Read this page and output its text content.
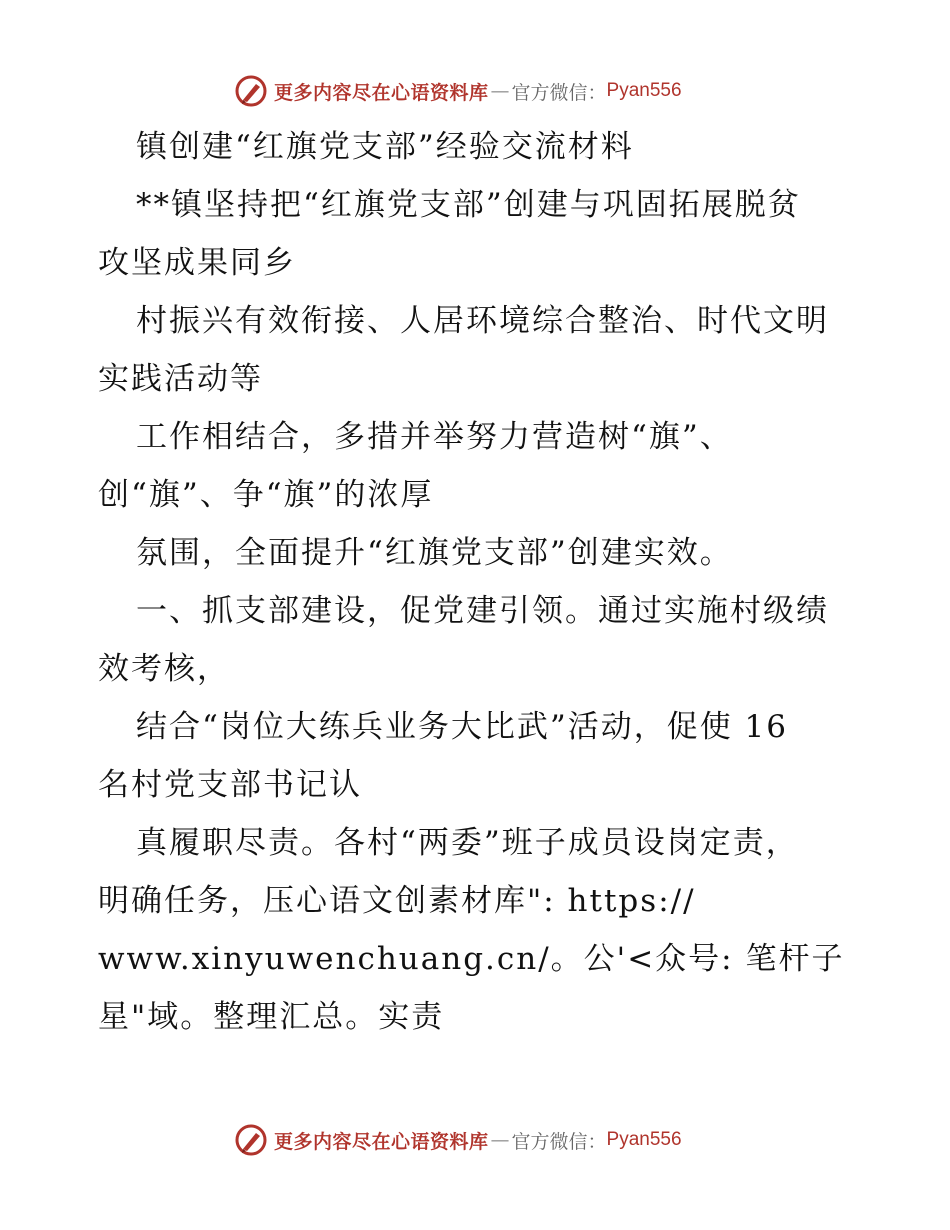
更多内容尽在心语资料库 — 官方微信： Pyan556

镇创建“红旗党支部”经验交流材料

**镇坚持把“红旗党支部”创建与巩固拓展脱贫

攻坚成果同乡

村振兴有效衔接、人居环境综合整治、时代文明

实践活动等

工作相结合，多措并举努力营造树“旗”、

创“旗”、争“旗”的浓厚

氛围，全面提升“红旗党支部”创建实效。

一、抓支部建设，促党建引领。通过实施村级绩

效考核，

结合“岗位大练兵业务大比武”活动，促使 16

名村党支部书记认

真履职尽责。各村“两委”班子成员设岗定责，

明确任务，压心语文创素材库": https://

www.xinyuwenchuang.cn/。公'<众号: 笔杆子

星"域。整理汇总。实责

更多内容尽在心语资料库 — 官方微信： Pyan556
